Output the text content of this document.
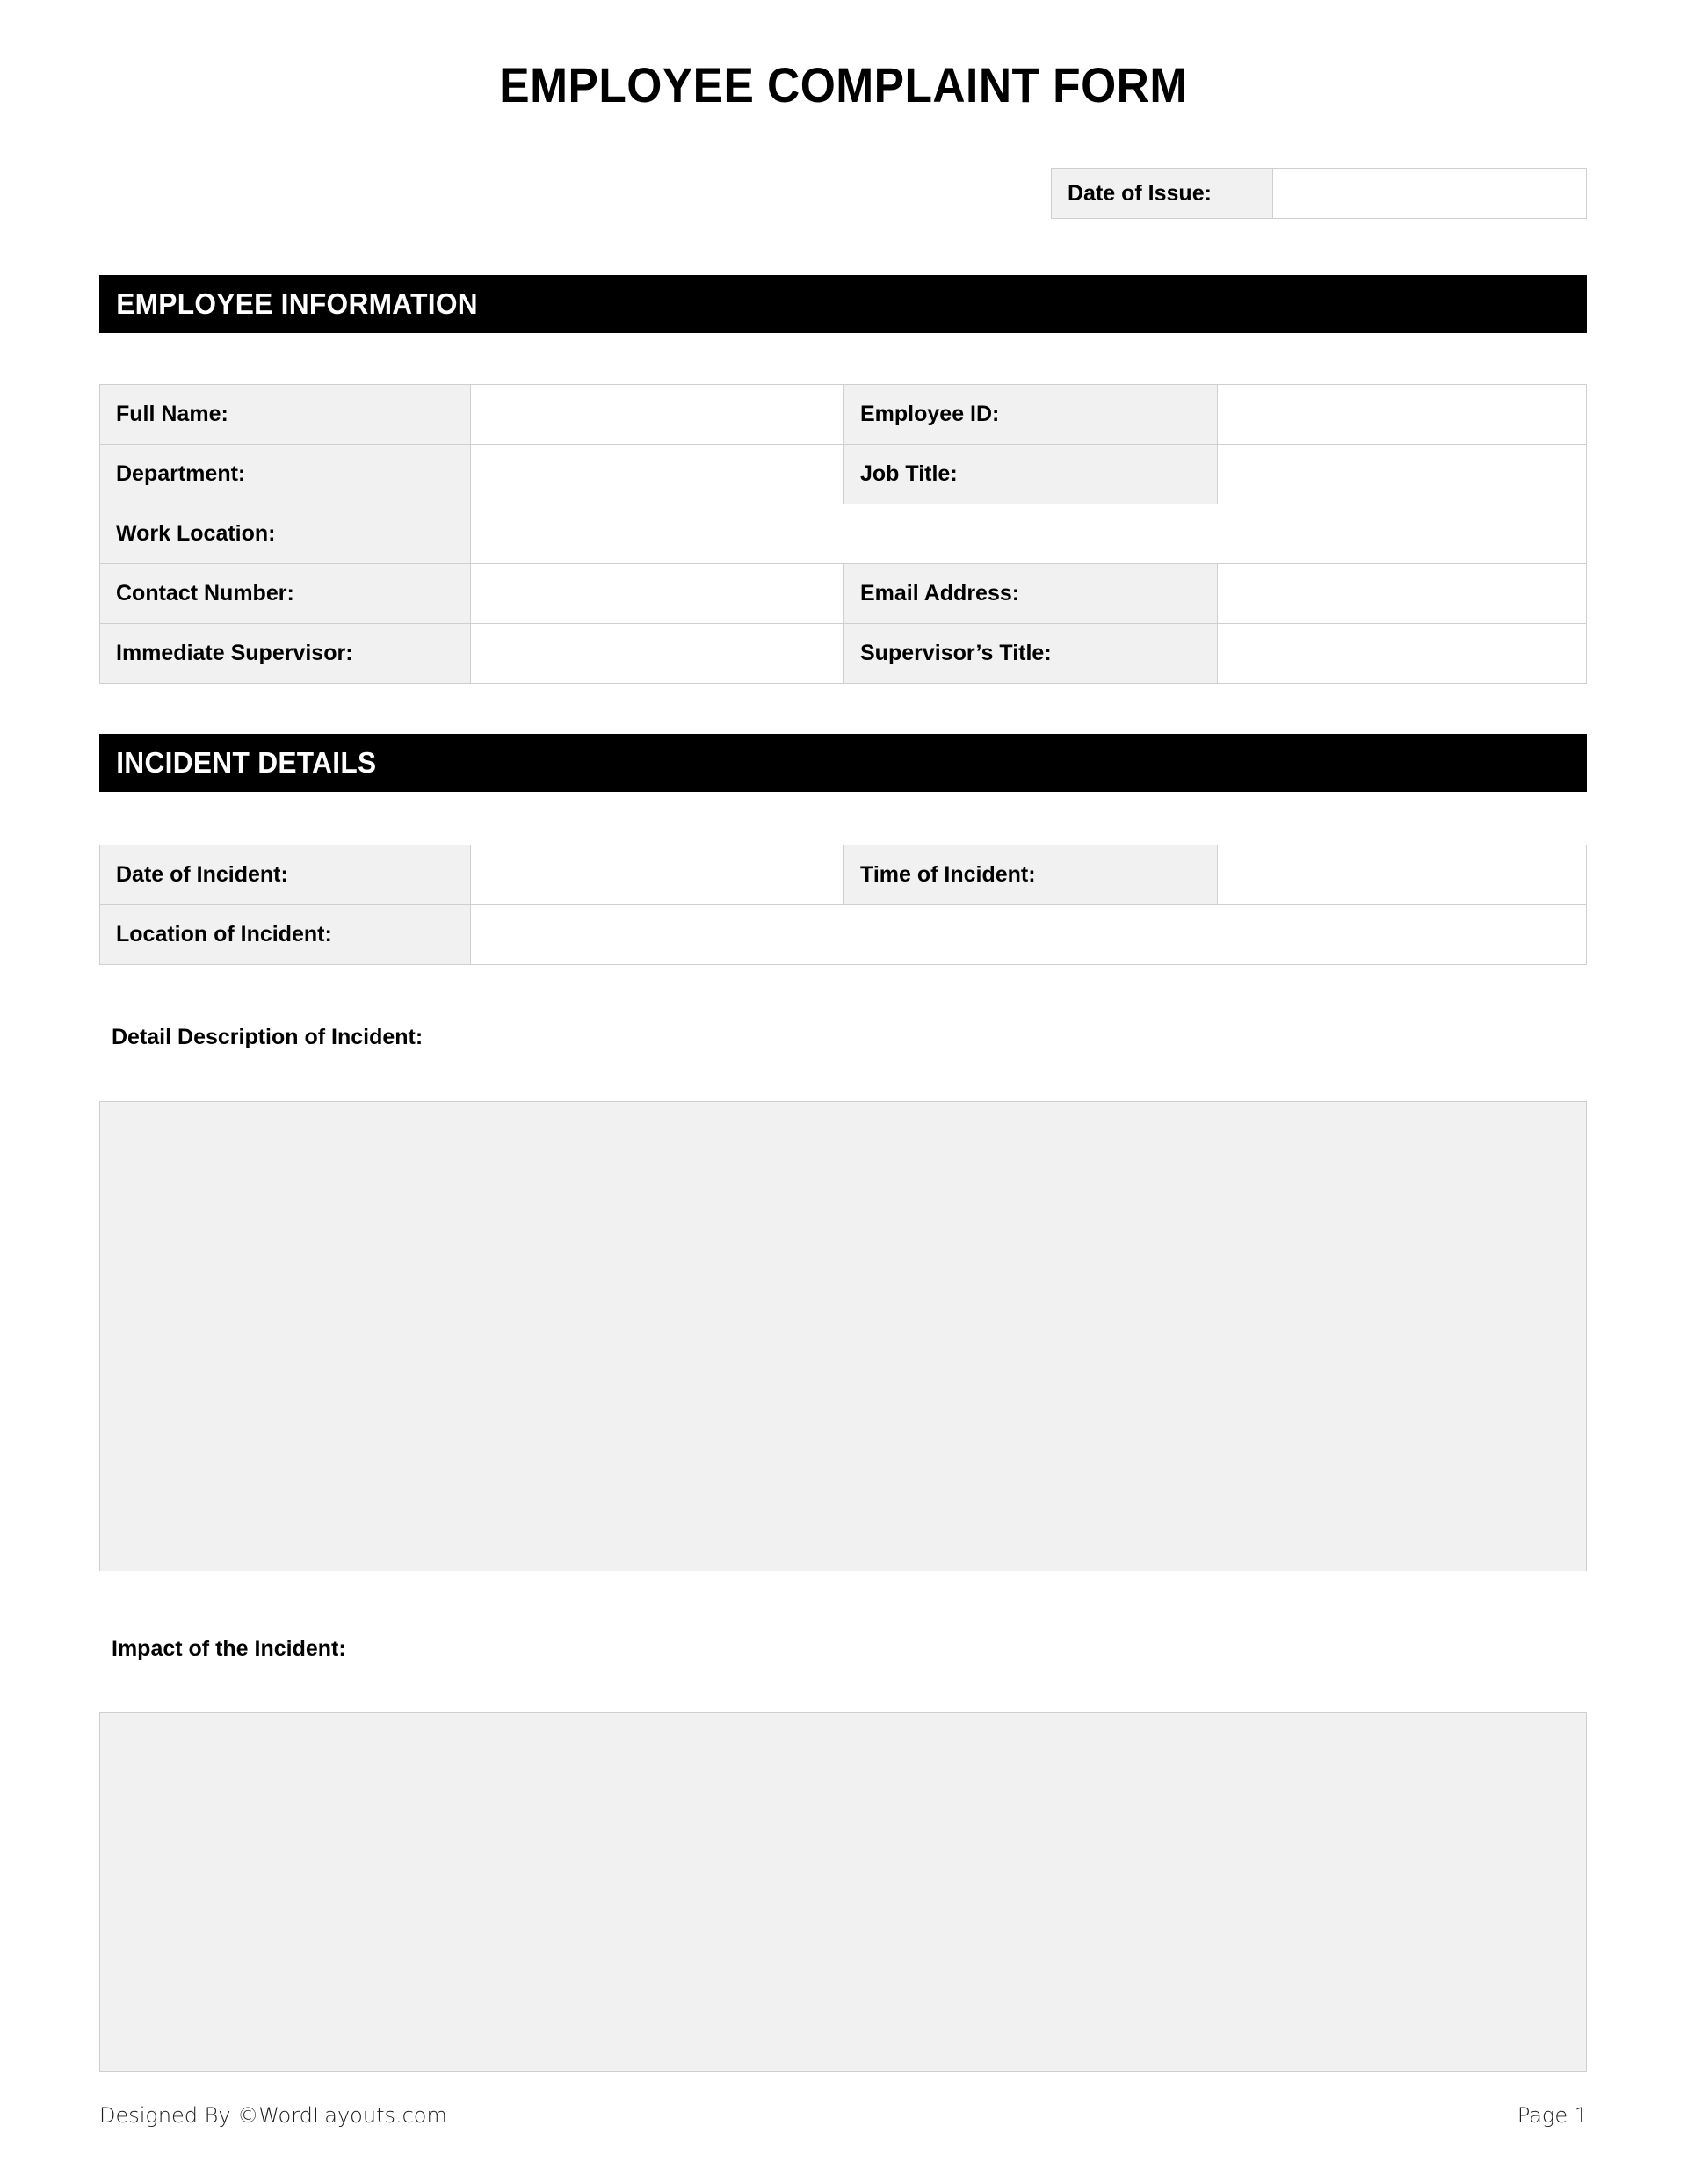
EMPLOYEE COMPLAINT FORM
Date of Issue:
EMPLOYEE INFORMATION
Full Name:		Employee ID:	
Department:		Job Title:	
Work Location:			
Contact Number:		Email Address:	
Immediate Supervisor:		Supervisor’s Title:	
INCIDENT DETAILS
Date of Incident:		Time of Incident:	
Location of Incident:			
Detail Description of Incident:
Impact of the Incident:
Designed By ©WordLayouts.com	Page 1
